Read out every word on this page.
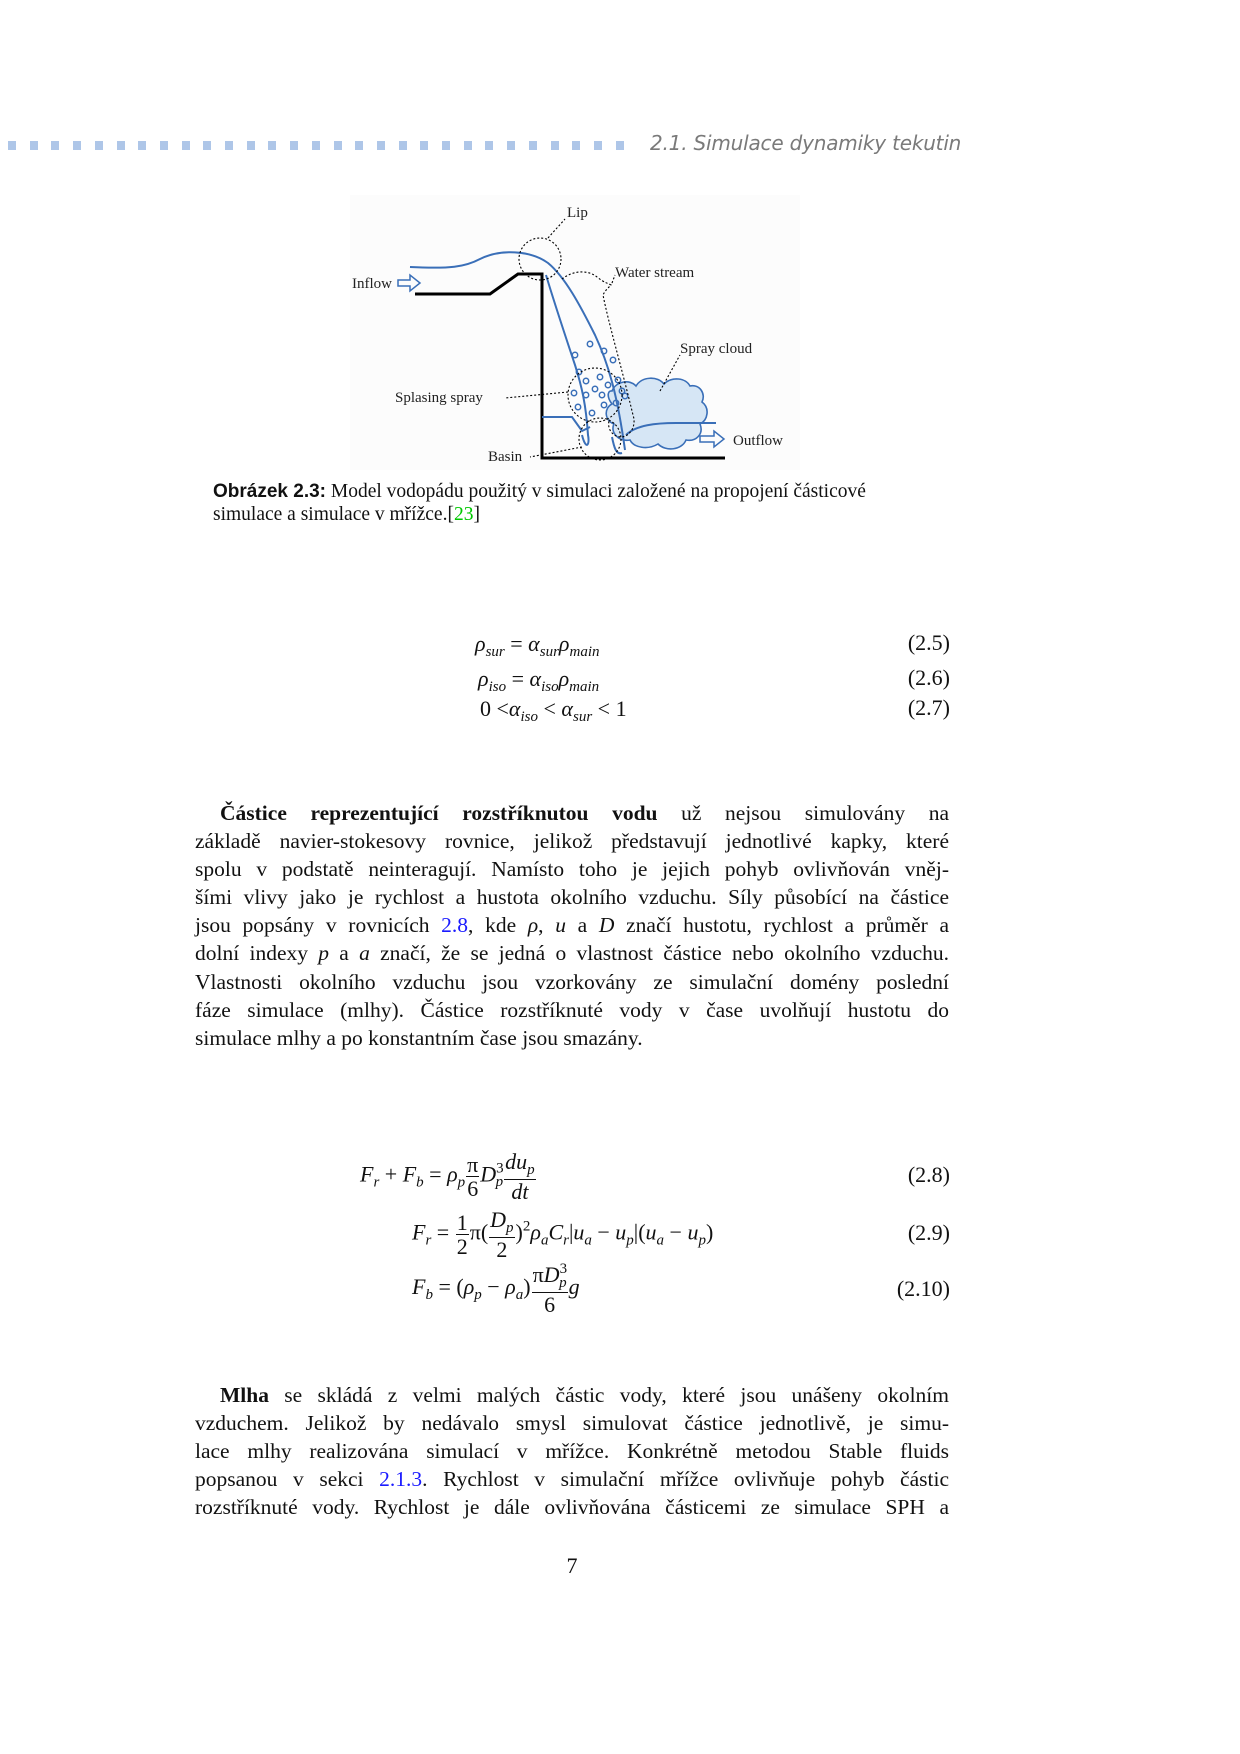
2.1. Simulace dynamiky tekutin
Lip
Water stream
Inflow
Spray cloud
Splasing spray
Outflow
Basin
Obrázek 2.3: Model vodopádu použitý v simulaci založené na propojení částicové
simulace a simulace v mřížce.[23]
$\rho_{sur} = \alpha_{sur}\rho_{main}$	(2.5)
$\rho_{iso} = \alpha_{iso}\rho_{main}$	(2.6)
$0 <\alpha_{iso} < \alpha_{sur} < 1$	(2.7)
Částice reprezentující rozstříknutou vodu už nejsou simulovány na
základě navier-stokesovy rovnice, jelikož představují jednotlivé kapky, které
spolu v podstatě neinteragují. Namísto toho je jejich pohyb ovlivňován vněj-
šími vlivy jako je rychlost a hustota okolního vzduchu. Síly působící na částice
jsou popsány v rovnicích 2.8, kde ρ, u a D značí hustotu, rychlost a průměr a
dolní indexy p a a značí, že se jedná o vlastnost částice nebo okolního vzduchu.
Vlastnosti okolního vzduchu jsou vzorkovány ze simulační domény poslední
fáze simulace (mlhy). Částice rozstříknuté vody v čase uvolňují hustotu do
simulace mlhy a po konstantním čase jsou smazány.
$F_r + F_b = \rho_p \frac{\pi}{6} D^3_p \frac{du_p}{dt}$	(2.8)
$F_r = \frac{1}{2} \pi( \frac{D_p}{2} )^2\rho_aC_r|u_a - u_p|(u_a - u_p)$	(2.9)
$F_b = (\rho_p - \rho_a) \frac{\pi D^3_p}{6}$ g	(2.10)
Mlha se skládá z velmi malých částic vody, které jsou unášeny okolním
vzduchem. Jelikož by nedávalo smysl simulovat částice jednotlivě, je simu-
lace mlhy realizována simulací v mřížce. Konkrétně metodou Stable fluids
popsanou v sekci 2.1.3. Rychlost v simulační mřížce ovlivňuje pohyb částic
rozstříknuté vody. Rychlost je dále ovlivňována částicemi ze simulace SPH a
7
